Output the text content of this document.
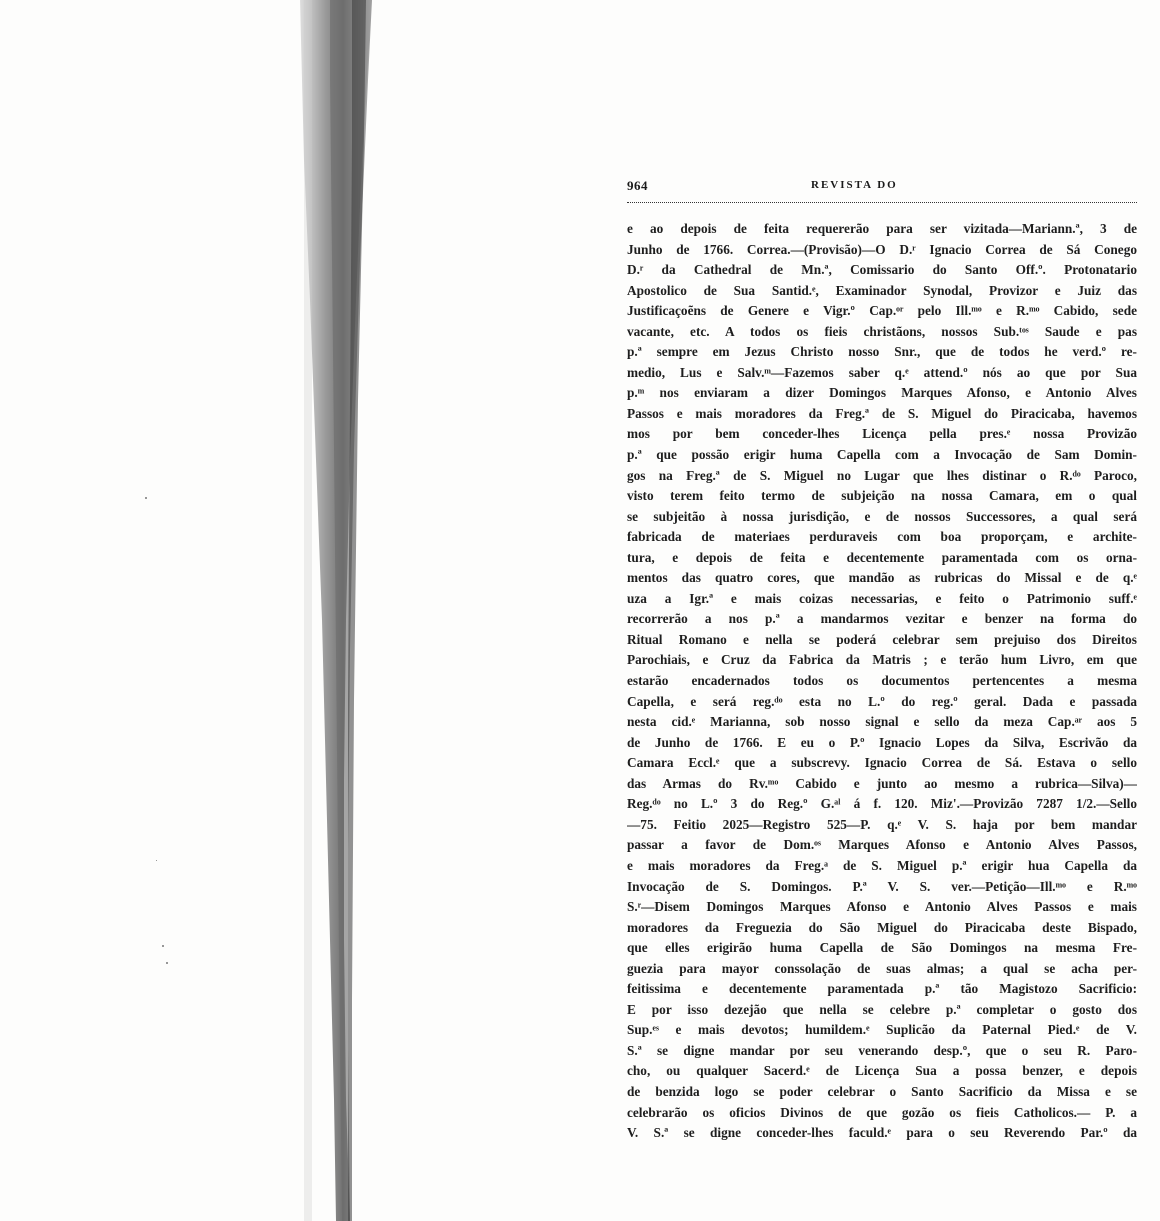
964	REVISTA DO
e ao depois de feita requererão para ser vizitada—Mariann.ª, 3 de
Junho de 1766. Correa.—(Provisão)—O D.ʳ Ignacio Correa de Sá Conego
D.ʳ da Cathedral de Mn.ª, Comissario do Santo Off.º. Protonatario
Apostolico de Sua Santid.ᵉ, Examinador Synodal, Provizor e Juiz das
Justificaçoẽns de Genere e Vigr.º Cap.ᵒʳ pelo Ill.ᵐᵒ e R.ᵐᵒ Cabido, sede
vacante, etc. A todos os fieis christãons, nossos Sub.ᵗᵒˢ Saude e pas
p.ª sempre em Jezus Christo nosso Snr., que de todos he verd.º re-
medio, Lus e Salv.ᵐ—Fazemos saber q.ᵉ attend.º nós ao que por Sua
p.ᵐ nos enviaram a dizer Domingos Marques Afonso, e Antonio Alves
Passos e mais moradores da Freg.ª de S. Miguel do Piracicaba, havemos
mos por bem conceder-lhes Licença pella pres.ᵉ nossa Provizão
p.ª que possão erigir huma Capella com a Invocação de Sam Domin-
gos na Freg.ª de S. Miguel no Lugar que lhes distinar o R.ᵈᵒ Paroco,
visto terem feito termo de subjeição na nossa Camara, em o qual
se subjeitão à nossa jurisdição, e de nossos Successores, a qual será
fabricada de materiaes perduraveis com boa proporçam, e archite-
tura, e depois de feita e decentemente paramentada com os orna-
mentos das quatro cores, que mandão as rubricas do Missal e de q.ᵉ
uza a Igr.ª e mais coizas necessarias, e feito o Patrimonio suff.ᵉ
recorrerão a nos p.ª a mandarmos vezitar e benzer na forma do
Ritual Romano e nella se poderá celebrar sem prejuiso dos Direitos
Parochiais, e Cruz da Fabrica da Matris ; e terão hum Livro, em que
estarão encadernados todos os documentos pertencentes a mesma
Capella, e será reg.ᵈᵒ esta no L.º do reg.º geral. Dada e passada
nesta cid.ᵉ Marianna, sob nosso signal e sello da meza Cap.ᵃʳ aos 5
de Junho de 1766. E eu o P.º Ignacio Lopes da Silva, Escrivão da
Camara Eccl.ᵉ que a subscrevy. Ignacio Correa de Sá. Estava o sello
das Armas do Rv.ᵐᵒ Cabido e junto ao mesmo a rubrica—Silva)—
Reg.ᵈᵒ no L.º 3 do Reg.º G.ᵃˡ á f. 120. Miz'.—Provizão 7287 1/2.—Sello
—75. Feitio 2025—Registro 525—P. q.ᵉ V. S. haja por bem mandar
passar a favor de Dom.ᵒˢ Marques Afonso e Antonio Alves Passos,
e mais moradores da Freg.ᵃ de S. Miguel p.ª erigir hua Capella da
Invocação de S. Domingos. P.ª V. S. ver.—Petição—Ill.ᵐᵒ e R.ᵐᵒ
S.ʳ—Disem Domingos Marques Afonso e Antonio Alves Passos e mais
moradores da Freguezia do São Miguel do Piracicaba deste Bispado,
que elles erigirão huma Capella de São Domingos na mesma Fre-
guezia para mayor conssolação de suas almas; a qual se acha per-
feitissima e decentemente paramentada p.ª tão Magistozo Sacrificio:
E por isso dezejão que nella se celebre p.ª completar o gosto dos
Sup.ᵉˢ e mais devotos; humildem.ᵉ Suplicão da Paternal Pied.ᵉ de V.
S.ª se digne mandar por seu venerando desp.º, que o seu R. Paro-
cho, ou qualquer Sacerd.ᵉ de Licença Sua a possa benzer, e depois
de benzida logo se poder celebrar o Santo Sacrificio da Missa e se
celebrarão os oficios Divinos de que gozão os fieis Catholicos.— P. a
V. S.ª se digne conceder-lhes faculd.ᵉ para o seu Reverendo Par.º da
